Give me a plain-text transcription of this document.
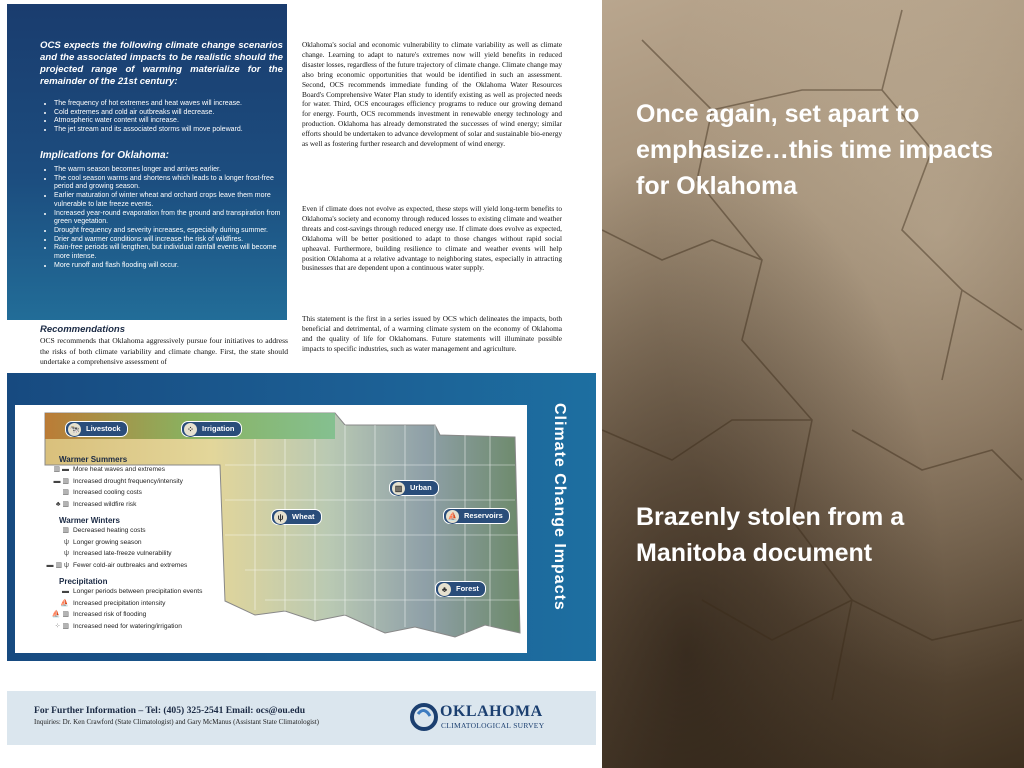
OCS expects the following climate change scenarios and the associated impacts to be realistic should the projected range of warming materialize for the remainder of the 21st century:
• The frequency of hot extremes and heat waves will increase.
• Cold extremes and cold air outbreaks will decrease.
• Atmospheric water content will increase.
• The jet stream and its associated storms will move poleward.
Implications for Oklahoma:
• The warm season becomes longer and arrives earlier.
• The cool season warms and shortens which leads to a longer frost-free period and growing season.
• Earlier maturation of winter wheat and orchard crops leave them more vulnerable to late freeze events.
• Increased year-round evaporation from the ground and transpiration from green vegetation.
• Drought frequency and severity increases, especially during summer.
• Drier and warmer conditions will increase the risk of wildfires.
• Rain-free periods will lengthen, but individual rainfall events will become more intense.
• More runoff and flash flooding will occur.
Recommendations
OCS recommends that Oklahoma aggressively pursue four initiatives to address the risks of both climate variability and climate change. First, the state should undertake a comprehensive assessment of

Oklahoma's social and economic vulnerability to climate variability as well as climate change. Learning to adapt to nature's extremes now will yield benefits in reduced disaster losses, regardless of the future trajectory of climate change. Climate change may also bring economic opportunities that would be identified in such an assessment. Second, OCS recommends immediate funding of the Oklahoma Water Resources Board's Comprehensive Water Plan study to identify existing as well as projected needs for water. Third, OCS encourages efficiency programs to reduce our growing demand for energy. Fourth, OCS recommends investment in renewable energy technology and production. Oklahoma has already demonstrated the successes of wind energy; similar efforts should be undertaken to advance development of solar and sustainable bio-energy as well as fostering further research and development of wind energy.

Even if climate does not evolve as expected, these steps will yield long-term benefits to Oklahoma's society and economy through reduced losses to existing climate and weather threats and cost-savings through reduced energy use. If climate does evolve as expected, Oklahoma will be better positioned to adapt to those changes without rapid social upheaval. Furthermore, building resilience to climate and weather events will help position Oklahoma at a relative advantage to neighboring states, especially in attracting businesses that are dependent upon a continuous water supply.

This statement is the first in a series issued by OCS which delineates the impacts, both beneficial and detrimental, of a warming climate system on the economy of Oklahoma and the quality of life for Oklahomans. Future statements will illuminate possible impacts to specific industries, such as water management and agriculture.

🐄 Livestock	⁘	Irrigation
▥	Urban
ψ	Wheat	⛵ Reservoirs
♣	Forest
Warmer Summers
▥ ▬ More heat waves and extremes
▬ ▥ Increased drought frequency/intensity
▥ Increased cooling costs
♣ ▥ Increased wildfire risk
Warmer Winters
▥ Decreased heating costs
ψ Longer growing season
ψ Increased late-freeze vulnerability
▬ ▥ ψ Fewer cold-air outbreaks and extremes
Precipitation
▬ Longer periods between precipitation events
⛵ Increased precipitation intensity
⛵ ▥ Increased risk of flooding
⁘ ▥ Increased need for watering/irrigation
Climate Change Impacts
For Further Information – Tel: (405) 325-2541 Email: ocs@ou.edu
Inquiries: Dr. Ken Crawford (State Climatologist) and Gary McManus (Assistant State Climatologist)
OKLAHOMA
CLIMATOLOGICAL SURVEY
Once again, set apart to emphasize…this time impacts for Oklahoma
Brazenly stolen from a Manitoba document
